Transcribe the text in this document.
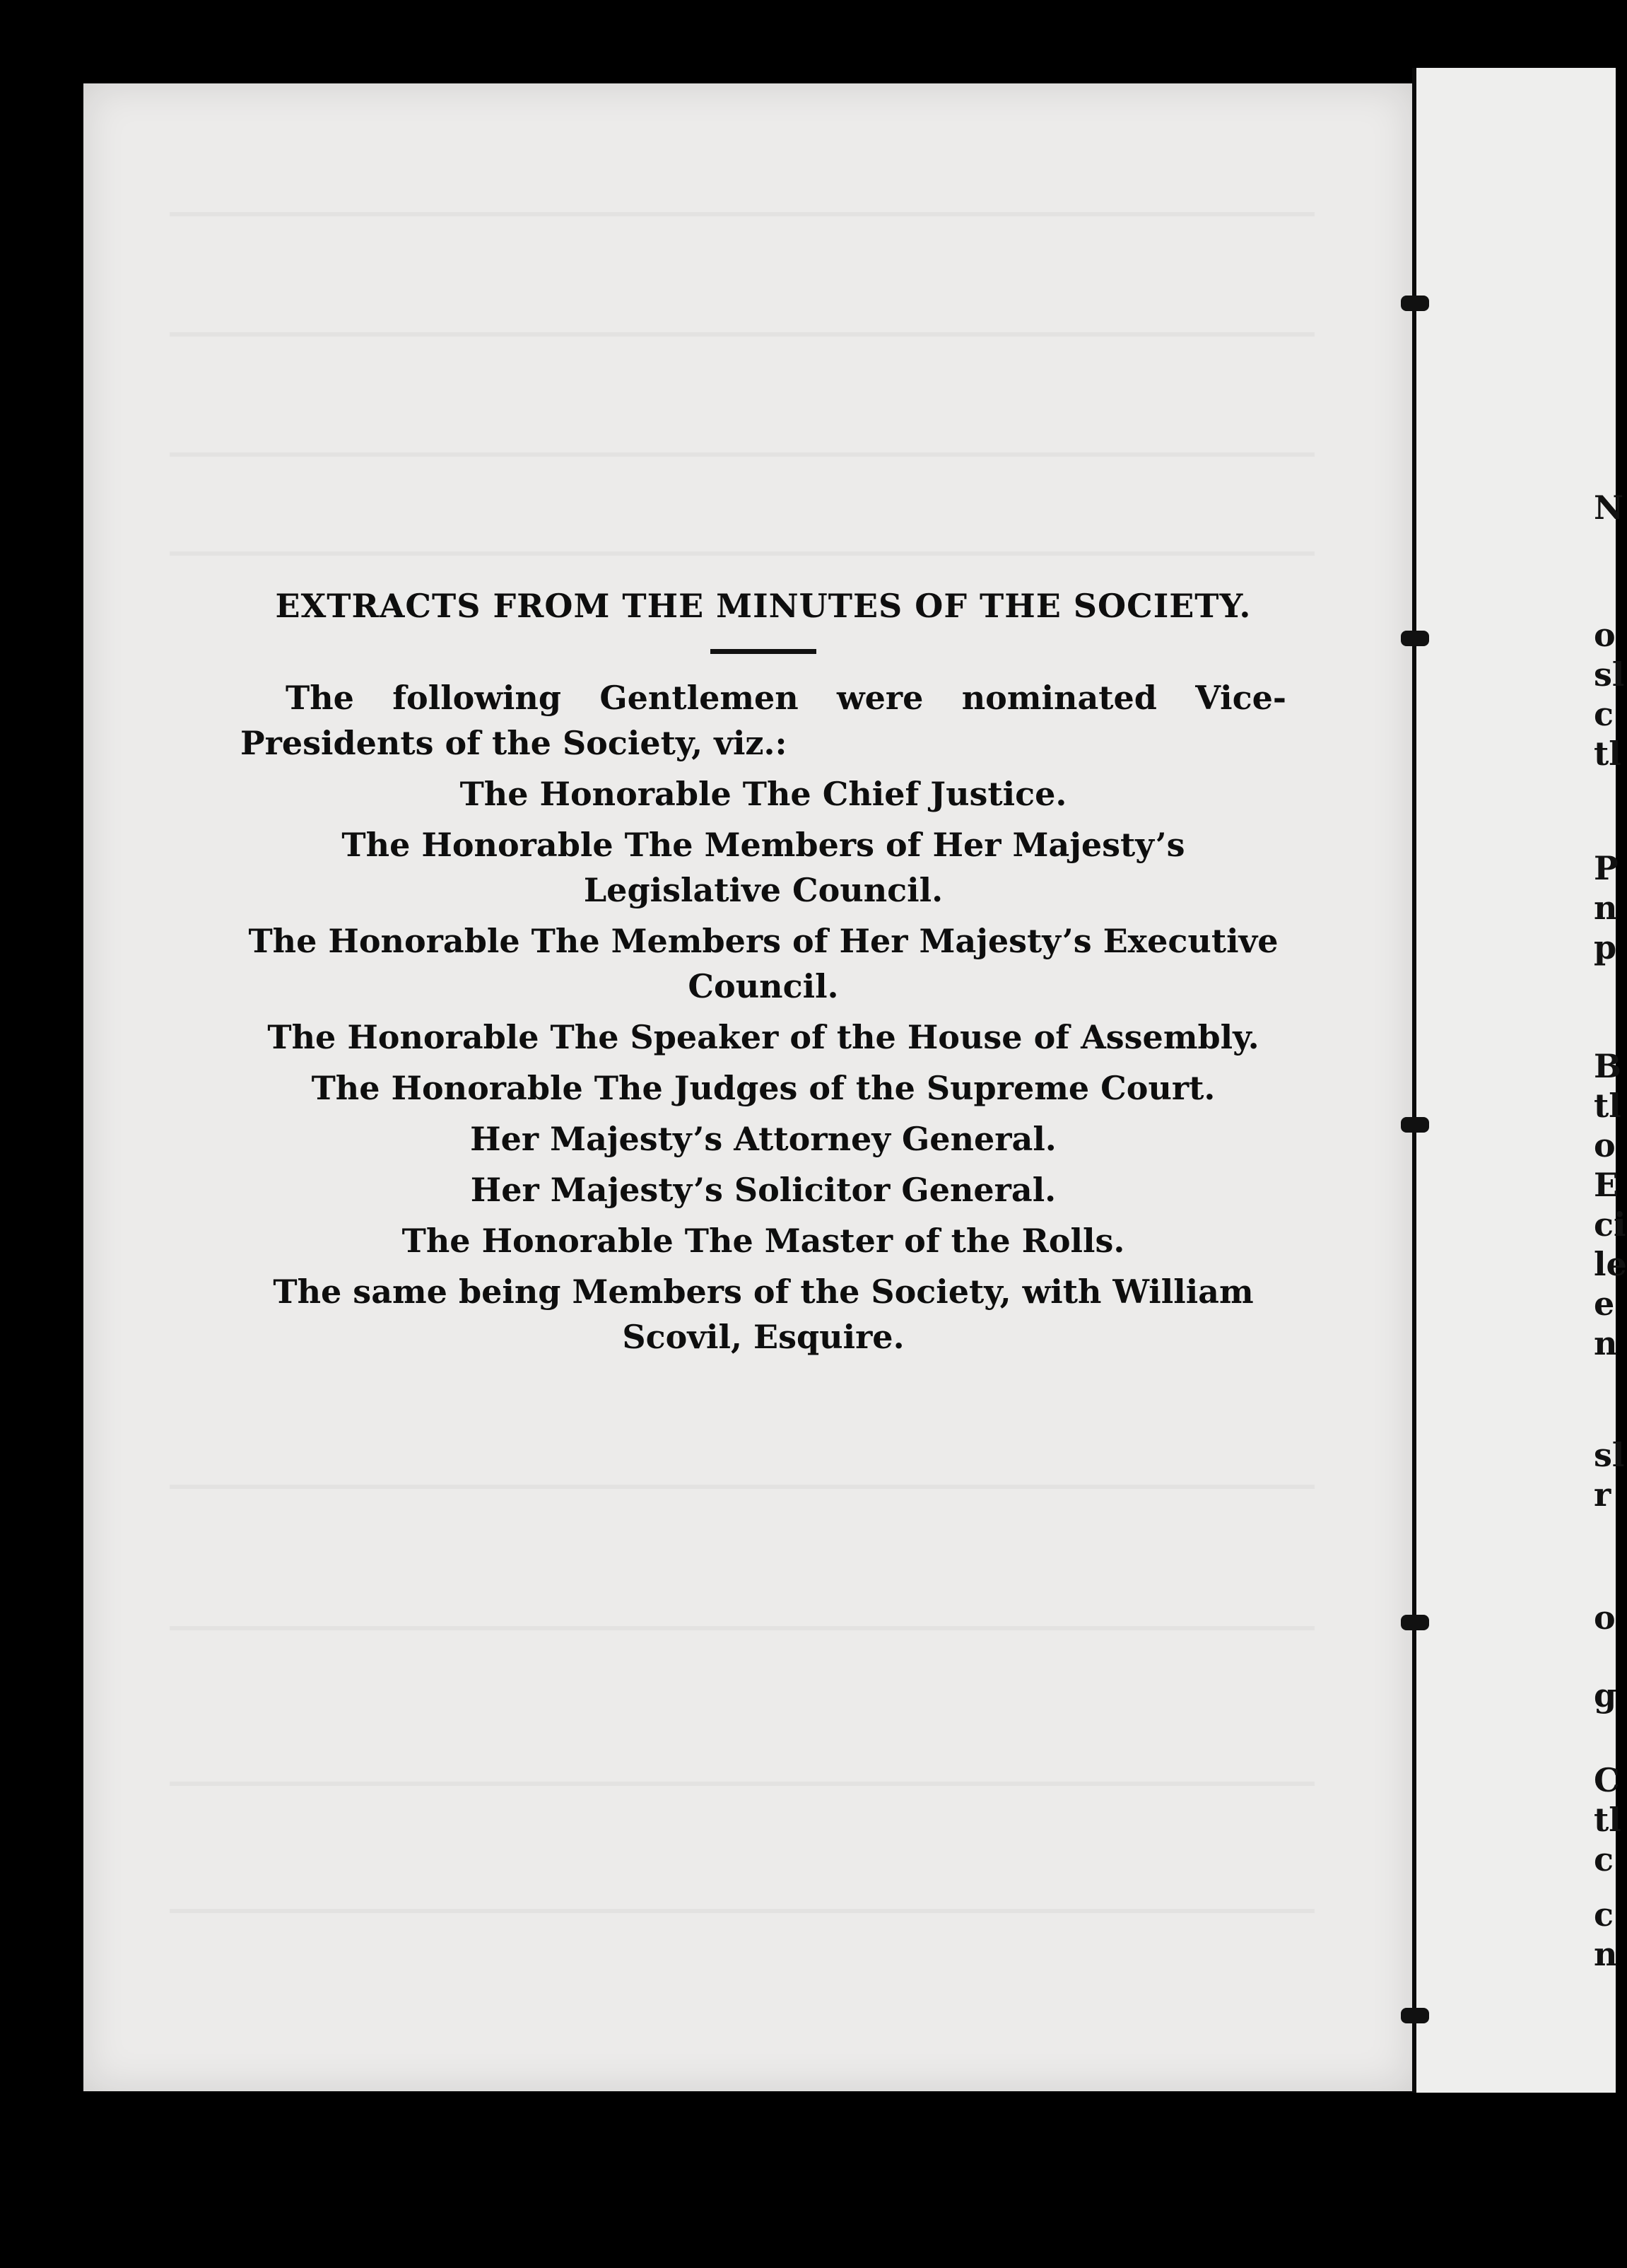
EXTRACTS FROM THE MINUTES OF THE SOCIETY.

The following Gentlemen were nominated Vice-Presidents of the Society, viz.:

The Honorable The Chief Justice.

The Honorable The Members of Her Majesty’s Legislative Council.

The Honorable The Members of Her Majesty’s Executive Council.

The Honorable The Speaker of the House of Assembly.

The Honorable The Judges of the Supreme Court.

Her Majesty’s Attorney General.

Her Majesty’s Solicitor General.

The Honorable The Master of the Rolls.

The same being Members of the Society, with William Scovil, Esquire.

N
o
sl
c
tl
P
n
p
B
tl
o
E
ci
le
e
n
sl
r
o
g
C
tl
c
c
n
